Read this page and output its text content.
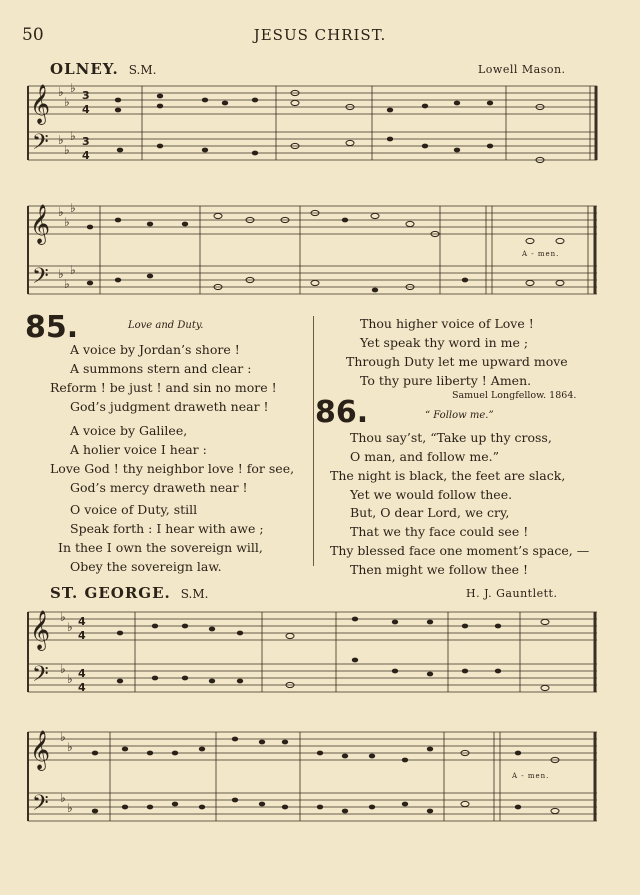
50	JESUS CHRIST.
OLNEY. S.M.	Lowell Mason.
𝄞
𝄢
𝄞
𝄢
𝄞
𝄢
𝄞
𝄢
♭
♭
♭
♭
♭
♭
♭
♭
♭
♭
♭
♭
♭
♭
♭
♭
♭
♭
♭
♭
3
4
3
4
4
4
4
4
A - men.
A - men.
85.	Love and Duty.
A voice by Jordan’s shore !
A summons stern and clear :
Reform ! be just ! and sin no more !
God’s judgment draweth near !
A voice by Galilee,
A holier voice I hear :
Love God ! thy neighbor love ! for see,
God’s mercy draweth near !
O voice of Duty, still
Speak forth : I hear with awe ;
In thee I own the sovereign will,
Obey the sovereign law.
Thou higher voice of Love !
Yet speak thy word in me ;
Through Duty let me upward move
To thy pure liberty ! Amen.
Samuel Longfellow. 1864.
86.	“ Follow me.”
Thou say’st, “Take up thy cross,
O man, and follow me.”
The night is black, the feet are slack,
Yet we would follow thee.
But, O dear Lord, we cry,
That we thy face could see !
Thy blessed face one moment’s space, —
Then might we follow thee !
ST. GEORGE. S.M.	H. J. Gauntlett.
